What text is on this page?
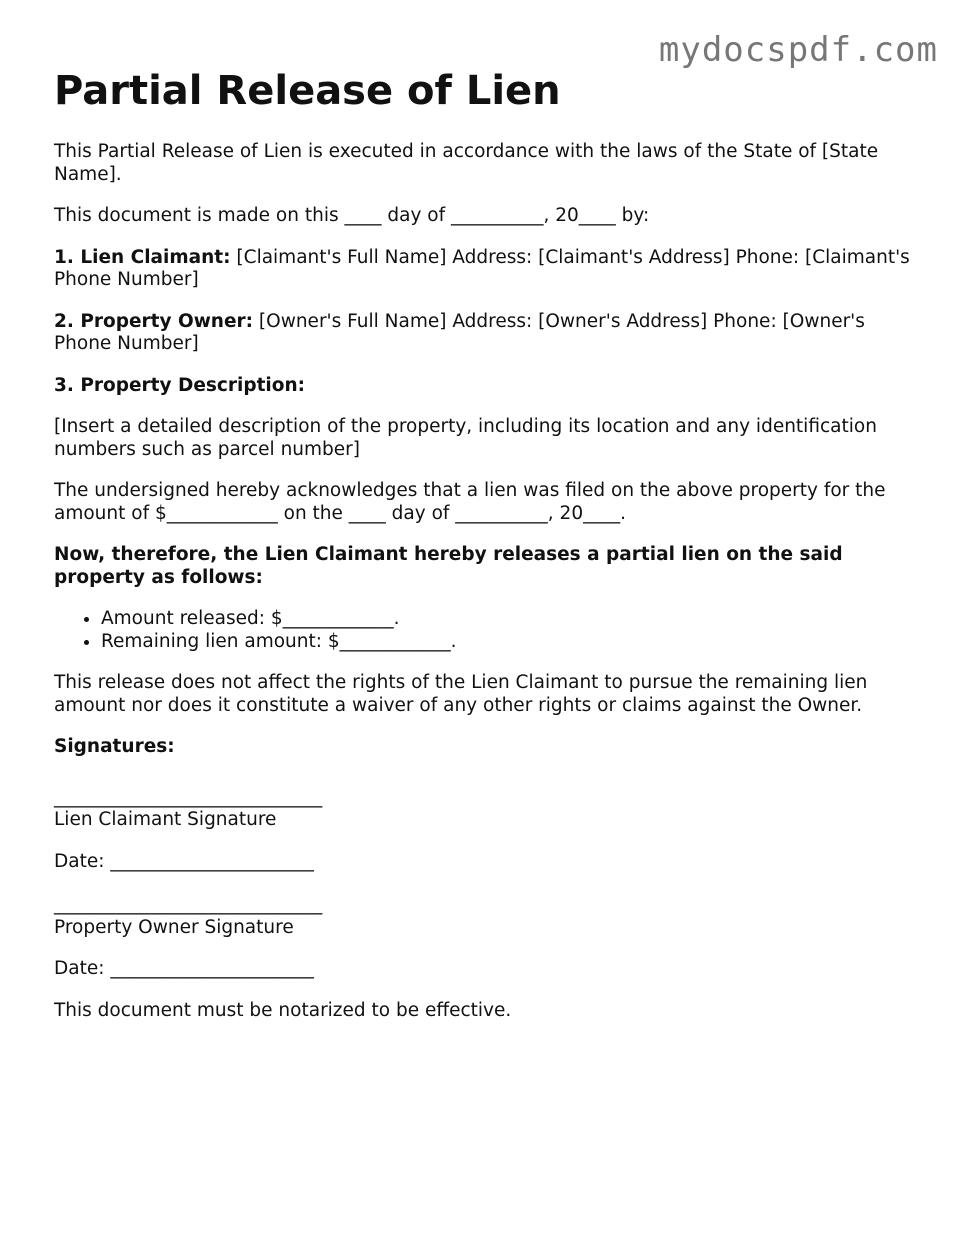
mydocspdf.com
Partial Release of Lien

This Partial Release of Lien is executed in accordance with the laws of the State of [State Name].

This document is made on this ____ day of __________, 20____ by:

1. Lien Claimant: [Claimant's Full Name] Address: [Claimant's Address] Phone: [Claimant's Phone Number]

2. Property Owner: [Owner's Full Name] Address: [Owner's Address] Phone: [Owner's Phone Number]

3. Property Description:

[Insert a detailed description of the property, including its location and any identification numbers such as parcel number]

The undersigned hereby acknowledges that a lien was filed on the above property for the amount of $____________ on the ____ day of __________, 20____.

Now, therefore, the Lien Claimant hereby releases a partial lien on the said property as follows:

• Amount released: $____________.
• Remaining lien amount: $____________.

This release does not affect the rights of the Lien Claimant to pursue the remaining lien amount nor does it constitute a waiver of any other rights or claims against the Owner.

Signatures:

_____________________________

Lien Claimant Signature

Date: ______________________

_____________________________

Property Owner Signature

Date: ______________________

This document must be notarized to be effective.
